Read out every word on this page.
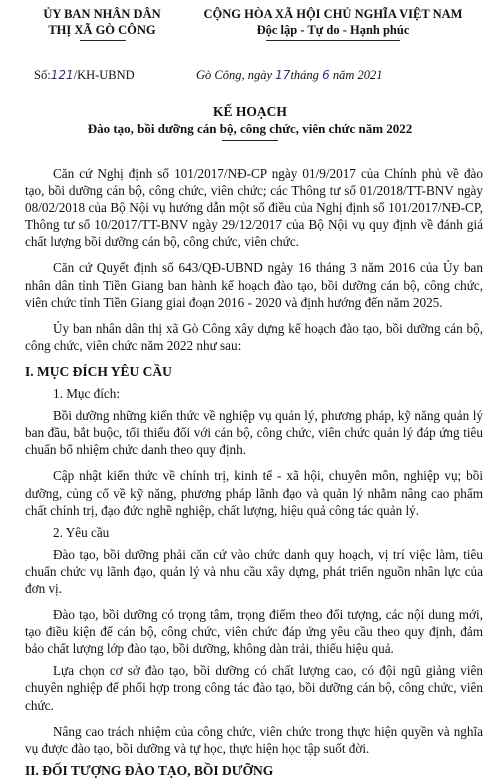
ỦY BAN NHÂN DÂN
THỊ XÃ GÒ CÔNG
CỘNG HÒA XÃ HỘI CHỦ NGHĨA VIỆT NAM
Độc lập - Tự do - Hạnh phúc
Số:121/KH-UBND	Gò Công, ngày 17tháng 6 năm 2021
KẾ HOẠCH
Đào tạo, bồi dưỡng cán bộ, công chức, viên chức năm 2022

Căn cứ Nghị định số 101/2017/NĐ-CP ngày 01/9/2017 của Chính phủ về đào tạo, bồi dưỡng cán bộ, công chức, viên chức; các Thông tư số 01/2018/TT-BNV ngày 08/02/2018 của Bộ Nội vụ hướng dẫn một số điều của Nghị định số 101/2017/NĐ-CP, Thông tư số 10/2017/TT-BNV ngày 29/12/2017 của Bộ Nội vụ quy định về đánh giá chất lượng bồi dưỡng cán bộ, công chức, viên chức.

Căn cứ Quyết định số 643/QĐ-UBND ngày 16 tháng 3 năm 2016 của Ủy ban nhân dân tỉnh Tiền Giang ban hành kế hoạch đào tạo, bồi dưỡng cán bộ, công chức, viên chức tỉnh Tiền Giang giai đoạn 2016 - 2020 và định hướng đến năm 2025.

Ủy ban nhân dân thị xã Gò Công xây dựng kế hoạch đào tạo, bồi dưỡng cán bộ, công chức, viên chức năm 2022 như sau:

I. MỤC ĐÍCH YÊU CẦU
1. Mục đích:

Bồi dưỡng những kiến thức về nghiệp vụ quản lý, phương pháp, kỹ năng quản lý ban đầu, bắt buộc, tối thiểu đối với cán bộ, công chức, viên chức quản lý đáp ứng tiêu chuẩn bổ nhiệm chức danh theo quy định.

Cập nhật kiến thức về chính trị, kinh tế - xã hội, chuyên môn, nghiệp vụ; bồi dưỡng, củng cố về kỹ năng, phương pháp lãnh đạo và quản lý nhằm nâng cao phẩm chất chính trị, đạo đức nghề nghiệp, chất lượng, hiệu quả công tác quản lý.

2. Yêu cầu

Đào tạo, bồi dưỡng phải căn cứ vào chức danh quy hoạch, vị trí việc làm, tiêu chuẩn chức vụ lãnh đạo, quản lý và nhu cầu xây dựng, phát triển nguồn nhân lực của đơn vị.

Đào tạo, bồi dưỡng có trọng tâm, trọng điểm theo đối tượng, các nội dung mới, tạo điều kiện để cán bộ, công chức, viên chức đáp ứng yêu cầu theo quy định, đảm bảo chất lượng lớp đào tạo, bồi dưỡng, không dàn trải, thiếu hiệu quả.

Lựa chọn cơ sở đào tạo, bồi dưỡng có chất lượng cao, có đội ngũ giảng viên chuyên nghiệp để phối hợp trong công tác đào tạo, bồi dưỡng cán bộ, công chức, viên chức.

Nâng cao trách nhiệm của công chức, viên chức trong thực hiện quyền và nghĩa vụ được đào tạo, bồi dưỡng và tự học, thực hiện học tập suốt đời.

II. ĐỐI TƯỢNG ĐÀO TẠO, BỒI DƯỠNG
